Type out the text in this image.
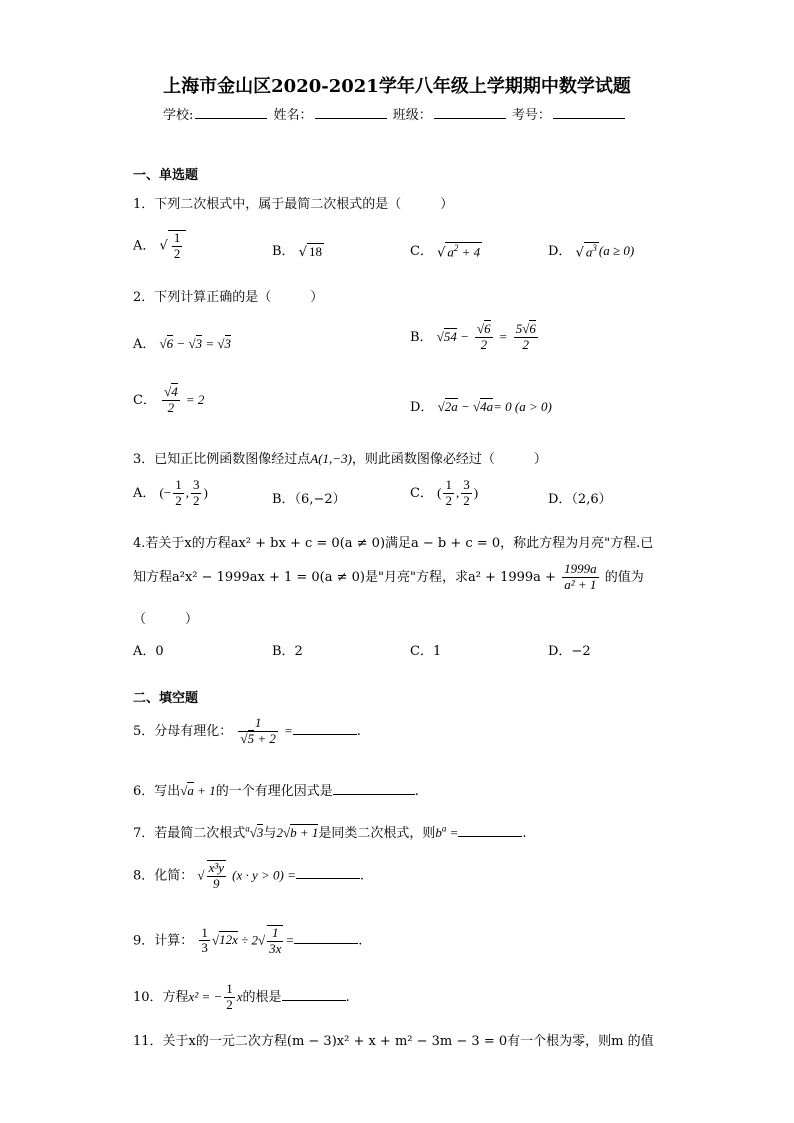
上海市金山区2020-2021学年八年级上学期期中数学试题
学校:	姓名：	班级：	考号：
一、单选题
1．下列二次根式中，属于最简二次根式的是（　　　）
A． √ $\frac{1}{2}$	B． √ 18	C． √ $a^2 + 4$	D． √ $a^3$ (a ≥ 0)
2．下列计算正确的是（　　　）
A． √6 − √3 = √3	B． $√54 - \frac{√6}{2} = \frac{5√6}{2}$
C． $\frac{√4}{2} = 2$
D． √2a − √4a= 0 (a > 0)
3．已知正比例函数图像经过点A(1,−3)，则此函数图像必经过（　　　）
A． (− $\frac{1}{2}$ , $\frac{3}{2}$ )	B．（6,−2）	C． ( $\frac{1}{2}$ , $\frac{3}{2}$ )	D．（2,6）
4.若关于x的方程ax² + bx + c = 0(a ≠ 0)满足a − b + c = 0，称此方程为月亮"方程.已
知方程a²x² − 1999ax + 1 = 0(a ≠ 0)是"月亮"方程，求$a^2 + 1999a + \frac{1999a}{\text{a² + 1}}$ 的值为
（　　　）
A．0	B．2	C．1	D．−2
二、填空题
5．分母有理化： $\frac{1}{√5 + 2}$ =	.
6．写出√a + 1的一个有理化因式是	.
7．若最简二次根式$^a$√3与2√b + 1是同类二次根式，则$b^a$ =	.
8．化简： √ $\frac{\text{x³y}}{9} (x \cdot y > 0)$ =	.
9．计算： $\frac{1}{3} √12x \div 2√ \frac{1}{3x}$ =	.
10．方程x² = − $\frac{1}{2}$ x的根是	.
11．关于x的一元二次方程(m − 3)x² + x + m² − 3m − 3 = 0有一个根为零，则m 的值
